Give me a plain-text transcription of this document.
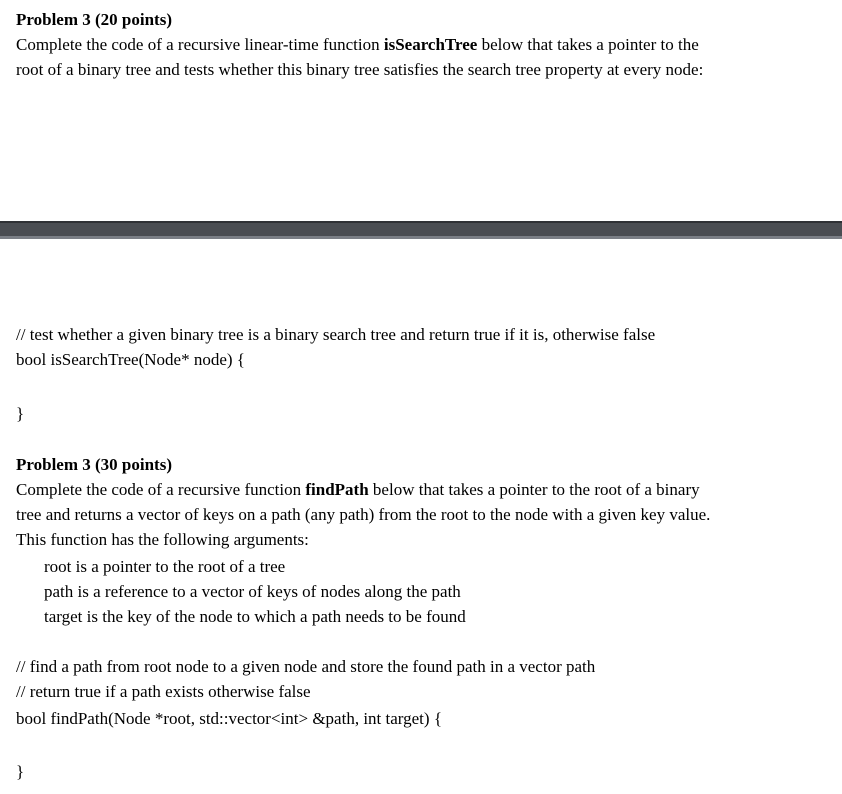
Problem 3 (20 points)
Complete the code of a recursive linear-time function isSearchTree below that takes a pointer to the
root of a binary tree and tests whether this binary tree satisfies the search tree property at every node:
// test whether a given binary tree is a binary search tree and return true if it is, otherwise false
bool isSearchTree(Node* node) {
}
Problem 3 (30 points)
Complete the code of a recursive function findPath below that takes a pointer to the root of a binary
tree and returns a vector of keys on a path (any path) from the root to the node with a given key value.
This function has the following arguments:
root is a pointer to the root of a tree
path is a reference to a vector of keys of nodes along the path
target is the key of the node to which a path needs to be found
// find a path from root node to a given node and store the found path in a vector path
// return true if a path exists otherwise false
bool findPath(Node *root, std::vector<int> &path, int target) {
}
